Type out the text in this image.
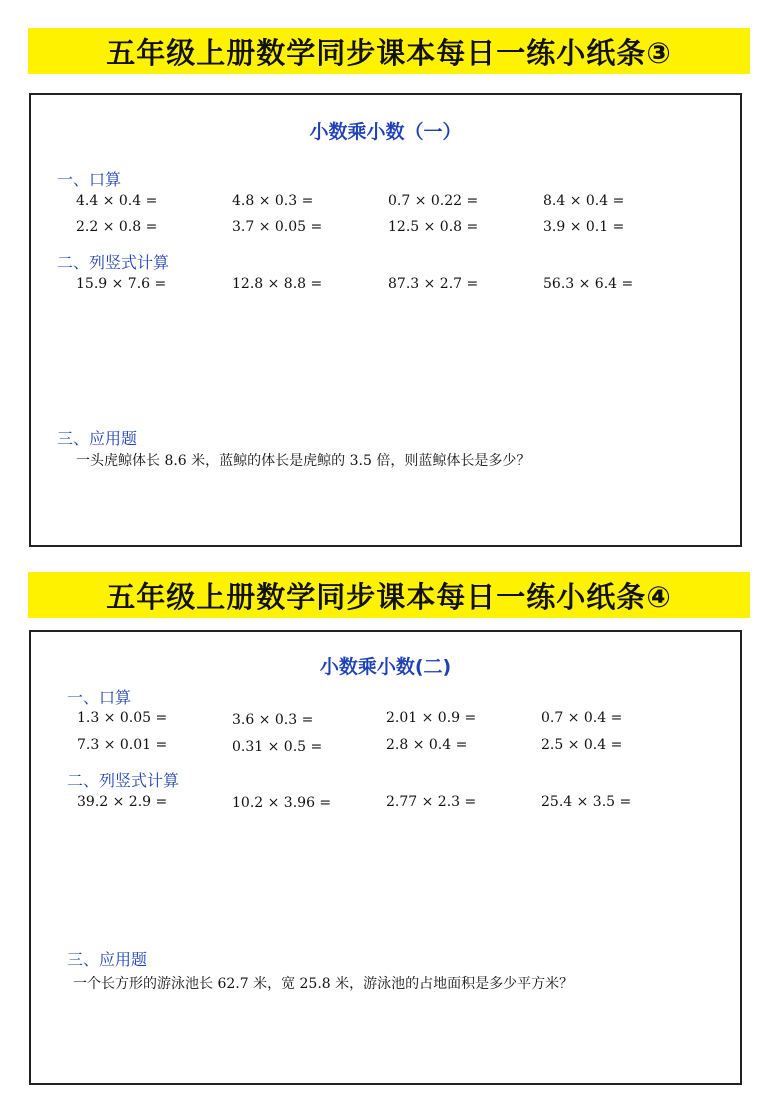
五年级上册数学同步课本每日一练小纸条③
小数乘小数（一）
一、口算
4.4 × 0.4 =	4.8 × 0.3 =	0.7 × 0.22 =	8.4 × 0.4 =
2.2 × 0.8 =	3.7 × 0.05 =	12.5 × 0.8 =	3.9 × 0.1 =
二、列竖式计算
15.9 × 7.6 =	12.8 × 8.8 =	87.3 × 2.7 =	56.3 × 6.4 =
三、应用题
一头虎鲸体长 8.6 米，蓝鲸的体长是虎鲸的 3.5 倍，则蓝鲸体长是多少？
五年级上册数学同步课本每日一练小纸条④
小数乘小数(二)
一、口算
1.3 × 0.05 =	3.6 × 0.3 =	2.01 × 0.9 =	0.7 × 0.4 =
7.3 × 0.01 =	0.31 × 0.5 =	2.8 × 0.4 =	2.5 × 0.4 =
二、列竖式计算
39.2 × 2.9 =	10.2 × 3.96 =	2.77 × 2.3 =	25.4 × 3.5 =
三、应用题
一个长方形的游泳池长 62.7 米，宽 25.8 米，游泳池的占地面积是多少平方米？
